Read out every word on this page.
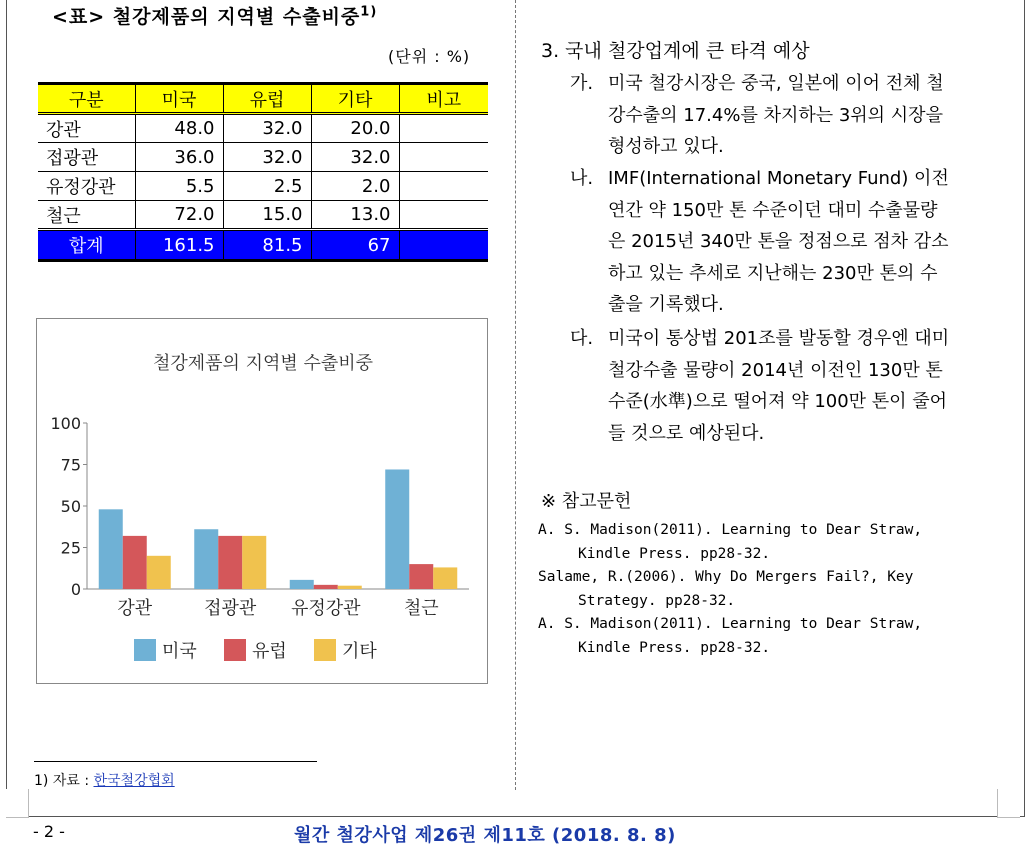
<표> 철강제품의 지역별 수출비중$^{1)}$
(단위 : %)
구분	미국	유럽	기타	비고
강관	48.0	32.0	20.0	
접광관	36.0	32.0	32.0	
유정강관	5.5	2.5	2.0	
철근	72.0	15.0	13.0	
합계	161.5	81.5	67	
철강제품의 지역별 수출비중
0
25
50
75
100
강관	접광관 유정강관 철근
미국	유럽	기타
1) 자료 : 한국철강협회
3. 국내 철강업계에 큰 타격 예상
가. 미국 철강시장은 중국, 일본에 이어 전체 철
강수출의 17.4%를 차지하는 3위의 시장을
형성하고 있다.
나. IMF(International Monetary Fund) 이전
연간 약 150만 톤 수준이던 대미 수출물량
은 2015년 340만 톤을 정점으로 점차 감소
하고 있는 추세로 지난해는 230만 톤의 수
출을 기록했다.
다. 미국이 통상법 201조를 발동할 경우엔 대미
철강수출 물량이 2014년 이전인 130만 톤
수준(水準)으로 떨어져 약 100만 톤이 줄어
들 것으로 예상된다.
※ 참고문헌
A. S. Madison(2011). Learning to Dear Straw,
Kindle Press. pp28-32.
Salame, R.(2006). Why Do Mergers Fail?, Key
Strategy. pp28-32.
A. S. Madison(2011). Learning to Dear Straw,
Kindle Press. pp28-32.
- 2 -	월간 철강사업 제26권 제11호 (2018. 8. 8)
